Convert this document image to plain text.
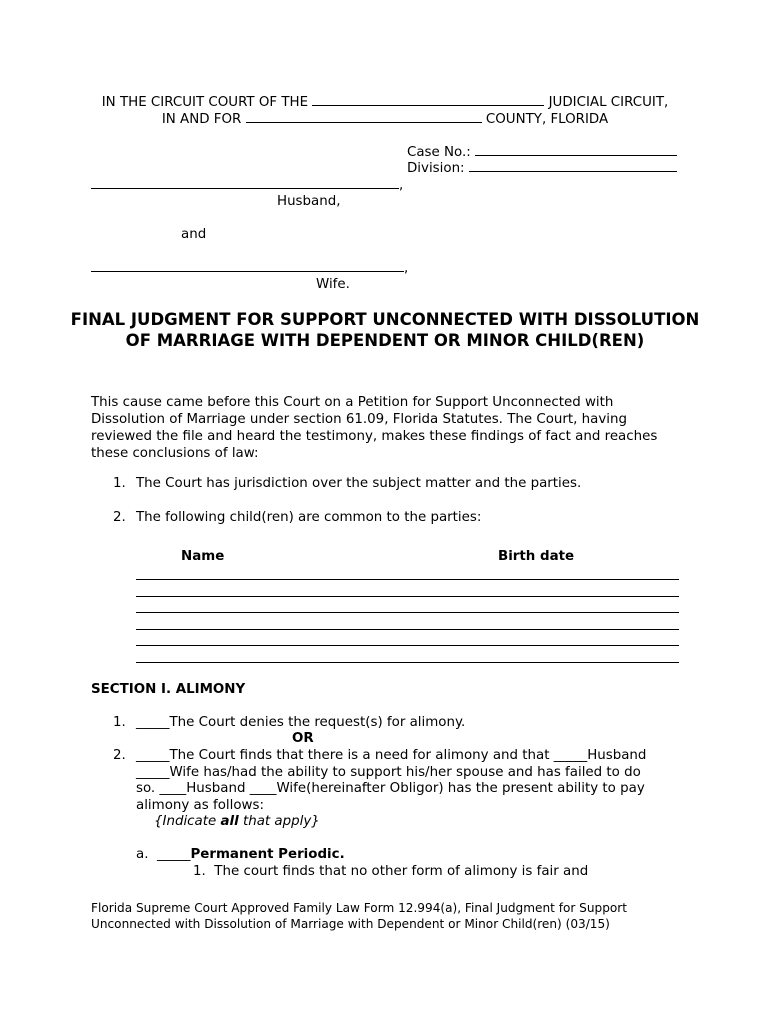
IN THE CIRCUIT COURT OF THE	JUDICIAL CIRCUIT,
IN AND FOR	COUNTY, FLORIDA
Case No.:
Division:
,
Husband,
and
,
Wife.
FINAL JUDGMENT FOR SUPPORT UNCONNECTED WITH DISSOLUTION OF MARRIAGE WITH DEPENDENT OR MINOR CHILD(REN)
This cause came before this Court on a Petition for Support Unconnected with Dissolution of Marriage under section 61.09, Florida Statutes. The Court, having reviewed the file and heard the testimony, makes these findings of fact and reaches these conclusions of law:
1. The Court has jurisdiction over the subject matter and the parties.
2. The following child(ren) are common to the parties:
Name	Birth date
SECTION I. ALIMONY
1. _____The Court denies the request(s) for alimony.
OR
2. _____The Court finds that there is a need for alimony and that _____Husband
_____Wife has/had the ability to support his/her spouse and has failed to do
so. ____Husband ____Wife(hereinafter Obligor) has the present ability to pay
alimony as follows:
{Indicate all that apply}
a. _____Permanent Periodic.
1. The court finds that no other form of alimony is fair and
Florida Supreme Court Approved Family Law Form 12.994(a), Final Judgment for Support
Unconnected with Dissolution of Marriage with Dependent or Minor Child(ren) (03/15)
